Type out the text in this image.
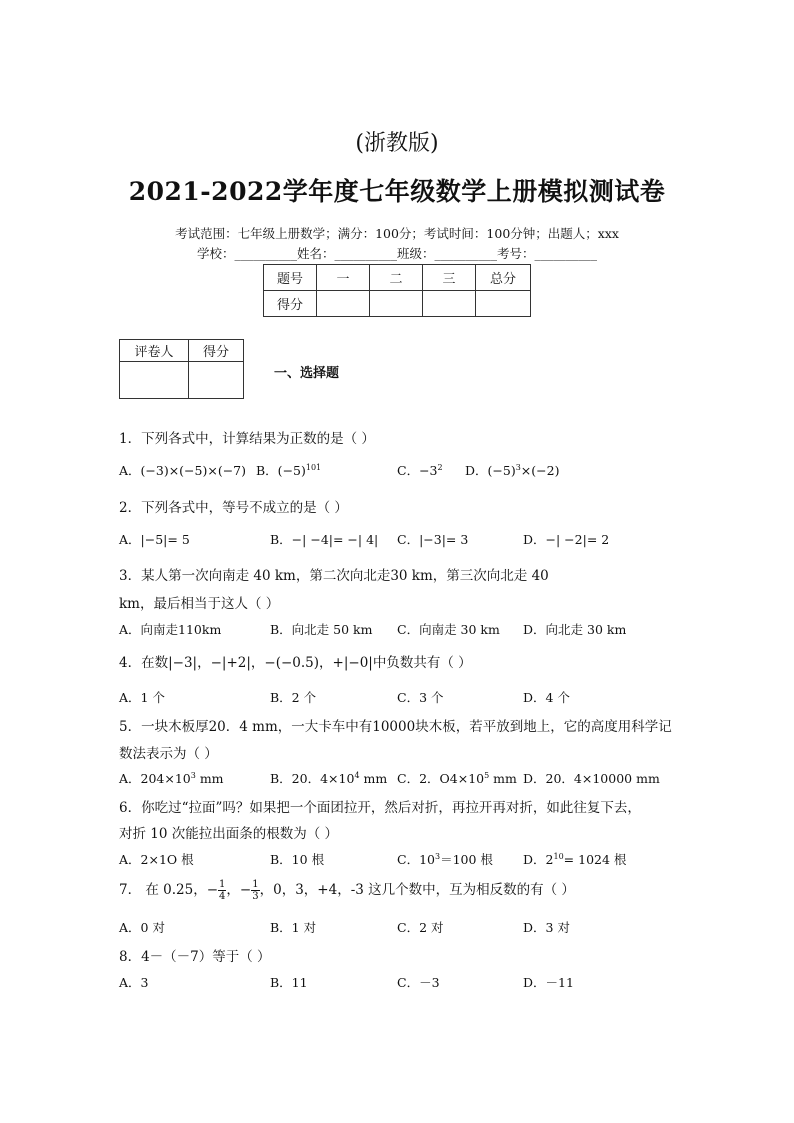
(浙教版)
2021-2022学年度七年级数学上册模拟测试卷
考试范围：七年级上册数学；满分：100分；考试时间：100分钟；出题人；xxx
学校：__________姓名：__________班级：__________考号：__________
题号	一	二	三	总分
得分				
评卷人	得分

一、选择题
1．下列各式中，计算结果为正数的是（ ）
A．(−3)×(−5)×(−7) B．$(-5)^{101}$	C．$-3^2$ D．$(-5)^3\times(-2)$
2．下列各式中，等号不成立的是（ ）
A．|−5|= 5	B．−| −4|= −| 4| C．|−3|= 3	D．−| −2|= 2
3．某人第一次向南走 40 km，第二次向北走30 km，第三次向北走 40
km，最后相当于这人（ ）
A．向南走110km	B．向北走 50 km C．向南走 30 km D．向北走 30 km
4．在数|−3|，−|+2|，−(−0.5)，+|−0|中负数共有（ ）
A．1 个	B．2 个	C．3 个	D．4 个
5．一块木板厚20．4 mm，一大卡车中有10000块木板，若平放到地上，它的高度用科学记
数法表示为（ ）
A．$204\times 10^3$ mm	B．20．$4\times 10^4$ mm C．2．$O4\times 10^5$ mm D．20．4×10000 mm
6．你吃过“拉面”吗？如果把一个面团拉开，然后对折，再拉开再对折，如此往复下去，
对折 10 次能拉出面条的根数为（ ）
A．2×1O 根	B．10 根	C．$10^3=100$ 根 D．$2^{10}= 1024$ 根
7． 在 0.25，− $\frac{1}{4}$ ，− $\frac{1}{3}$ ，0，3，+4，-3 这几个数中，互为相反数的有（ ）
A．0 对	B．1 对	C．2 对	D．3 对
8．4－（－7）等于（ ）
A．3	B．11	C．－3	D．－11
